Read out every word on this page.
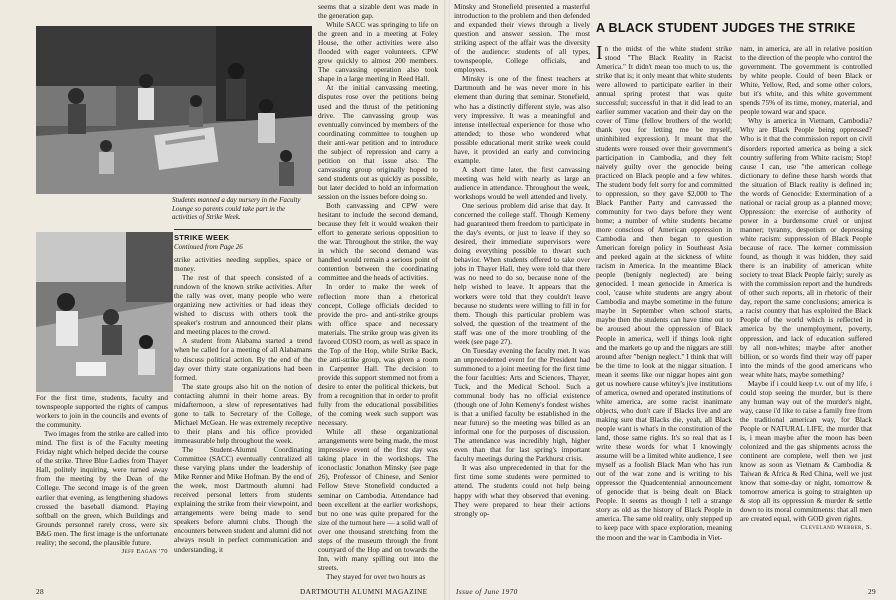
Students manned a day nursery in the Faculty Lounge so parents could take part in the activities of Strike Week.
STRIKE WEEK
Continued from Page 26

For the first time, students, faculty and townspeople supported the rights of campus workers to join in the councils and events of the community.

Two images from the strike are called into mind. The first is of the Faculty meeting Friday night which helped decide the course of the strike. Three Blue Ladies from Thayer Hall, politely inquiring, were turned away from the meeting by the Dean of the College. The second image is of the green earlier that evening, as lengthening shadows crossed the baseball diamond. Playing softball on the green, which Buildings and Grounds personnel rarely cross, were six B&G men. The first image is the unfortunate reality; the second, the plausible future.

Jeff Eagan '70

strike activities needing supplies, space or money.

The rest of that speech consisted of a rundown of the known strike activities. After the rally was over, many people who were organizing new activities or had ideas they wished to discuss with others took the speaker's rostrum and announced their plans and meeting places to the crowd.

A student from Alabama started a trend when he called for a meeting of all Alabamans to discuss political action. By the end of the day over thirty state organizations had been formed.

The state groups also hit on the notion of contacting alumni in their home areas. By midafternoon, a slew of representatives had gone to talk to Secretary of the College, Michael McGean. He was extremely receptive to their plans and his office provided immeasurable help throughout the week.

The Student-Alumni Coordinating Committee (SACC) eventually centralized all these varying plans under the leadership of Mike Renner and Mike Hofman. By the end of the week, most Dartmouth alumni had received personal letters from students explaining the strike from their viewpoint, and arrangements were being made to send speakers before alumni clubs. Though the encounters between student and alumni did not always result in perfect communication and understanding, it

seems that a sizable dent was made in the generation gap.

While SACC was springing to life on the green and in a meeting at Foley House, the other activities were also flooded with eager volunteers. CPW grew quickly to almost 200 members. The canvassing operation also took shape in a large meeting in Reed Hall.

At the initial canvassing meeting, disputes rose over the petitions being used and the thrust of the petitioning drive. The canvassing group was eventually convinced by members of the coordinating committee to toughen up their anti-war petition and to introduce the subject of repression and carry a petition on that issue also. The canvassing group originally hoped to send students out as quickly as possible, but later decided to hold an information session on the issues before doing so.

Both canvassing and CPW were hesitant to include the second demand, because they felt it would weaken their effort to generate serious opposition to the war. Throughout the strike, the way in which the second demand was handled would remain a serious point of contention between the coordinating committee and the heads of activities.

In order to make the week of reflection more than a rhetorical concept, College officials decided to provide the pro- and anti-strike groups with office space and necessary materials. The strike group was given its favored COSO room, as well as space in the Top of the Hop, while Strike Back, the anti-strike group, was given a room in Carpenter Hall. The decision to provide this support stemmed not from a desire to enter the political thickets, but from a recognition that in order to profit fully from the educational possibilities of the coming week such support was necessary.

While all these organizational arrangements were being made, the most impressive event of the first day was taking place in the workshops. The iconoclastic Jonathon Minsky (see page 26), Professor of Chinese, and Senior Fellow Steve Stonefield conducted a seminar on Cambodia. Attendance had been excellent at the earlier workshops, but no one was quite prepared for the size of the turnout here — a solid wall of over one thousand stretching from the steps of the museum through the front courtyard of the Hop and on towards the Inn, with many spilling out into the streets.

They stayed for over two hours as

28	DARTMOUTH ALUMNI MAGAZINE

Minsky and Stonefield presented a masterful introduction to the problem and then defended and expanded their views through a lively question and answer session. The most striking aspect of the affair was the diversity of the audience: students of all types, townspeople, College officials, and employees.

Minsky is one of the finest teachers at Dartmouth and he was never more in his element than during that seminar. Stonefield, who has a distinctly different style, was also very impressive. It was a meaningful and intense intellectual experience for those who attended; to those who wondered what possible educational merit strike week could have, it provided an early and convincing example.

A short time later, the first canvassing meeting was held with nearly as large an audience in attendance. Throughout the week, workshops would be well attended and lively.

One serious problem did arise that day. It concerned the college staff. Though Kemeny had guaranteed them freedom to participate in the day's events, or just to leave if they so desired, their immediate supervisors were doing everything possible to thwart such behavior. When students offered to take over jobs in Thayer Hall, they were told that there was no need to do so, because none of the help wished to leave. It appears that the workers were told that they couldn't leave because no students were willing to fill in for them. Though this particular problem was solved, the question of the treatment of the staff was one of the more troubling of the week (see page 27).

On Tuesday evening the faculty met. It was an unprecedented event for the President had summoned to a joint meeting for the first time the four faculties: Arts and Sciences, Thayer, Tuck, and the Medical School. Such a communal body has no official existence (though one of John Kemeny's fondest wishes is that a unified faculty be established in the near future) so the meeting was billed as an informal one for the purposes of discussion. The attendance was incredibly high, higher even than that for last spring's important faculty meetings during the Parkhurst crisis.

It was also unprecedented in that for the first time some students were permitted to attend. The students could not help being happy with what they observed that evening. They were prepared to hear their actions strongly op-

Issue of June 1970

In the midst of the white student strike stood "The Black Reality in Racist America." It didn't mean too much to us, the strike that is; it only meant that white students were allowed to participate earlier in their annual spring protest that was quite successful; successful in that it did lead to an earlier summer vacation and their day on the cover of Time (fellow brothers of the world; thank you for letting me be myself, uninhibited expression). It meant that the students were roused over their government's participation in Cambodia, and they felt naively guilty over the genocide being practiced on Black people and a few whites. The student body felt sorry for and committed to oppression, so they gave $2,000 to The Black Panther Party and canvassed the community for two days before they went home; a number of white students became more conscious of American oppression in Cambodia and then began to question American foreign policy in Southeast Asia and peeked again at the sickness of white racism in America. In the meantime Black people (benignly neglected) are being genocided. I mean genocide in America is cool, 'cause white students are angry about Cambodia and maybe sometime in the future maybe in September when school starts, maybe then the students can have time out to be aroused about the oppression of Black People in america, well if things look right and the markets go up and the niggars are still around after "benign neglect." I think that will be the time to look at the niggar situation. I mean it seems like our niggar hopes aint gon get us nowhere cause whitey's jive institutions of america, owned and operated institutions of white america, are some racist inanimate objects, who don't care if Blacks live and are making sure that Blacks die, yeah, all Black people want is what's in the constitution of the land, those same rights. It's so real that as I write these words for what I knowingly assume will be a limited white audience, I see myself as a foolish Black Man who has run out of the war zone and is writing to his oppressor the Quadcentennial announcement of genocide that is being dealt on Black People. It seems as though I tell a strange story as old as the history of Black People in america. The same old reality, only stepped up to keep pace with space exploration, meaning the moon and the war in Cambodia in Viet-

nam, in america, are all in relative position to the direction of the people who control the government. The government is controlled by white people. Could of been Black or White, Yellow, Red, and some other colors, but it's white, and this white government spends 75% of its time, money, material, and people toward war and space.

Why is america in Vietnam, Cambodia? Why are Black People being oppressed? Who is it that the commission report on civil disorders reported america as being a sick country suffering from White racism; Stop! cause I can, use "the american college dictionary to define these harsh words that the situation of Black reality is defined in; the words of Genocide: Extermination of a national or racial group as a planned move; Oppression: the exercise of authority of power in a burdensome cruel or unjust manner; tyranny, despotism or depressing white racism: suppression of Black People because of race. The kerner commission found, as though it was hidden, they said there is an inability of american white society to treat Black People fairly; surely as with the commission report and the hundreds of other such reports, all in rhetoric of their day, report the same conclusions; america is a racist country that has exploited the Black People of the world which is reflected in america by the unemployment, poverty, oppression, and lack of education suffered by all non-whites; maybe after another billion, or so words find their way off paper into the minds of the good americans who wear white hats, maybe something?

Maybe if i could keep t.v. out of my life, i could stop seeing the murder, but is there any human way out of the murder's night, way, cause i'd like to raise a family free from the traditional american way, for Black People or NATURAL LIFE, the murder that is, i mean maybe after the moon has been colonized and the gas shipments across the continent are complete, well then we just know as soon as Vietnam & Cambodia & Taiwan & Africa & Red China, well we just know that some-day or night, tomorrow & tomorrow america is going to straighten up & stop all its oppression & murder & settle down to its moral commitments: that all men are created equal, with GOD given rights.

Cleveland Webber, S.
29
A BLACK STUDENT JUDGES THE STRIKE
